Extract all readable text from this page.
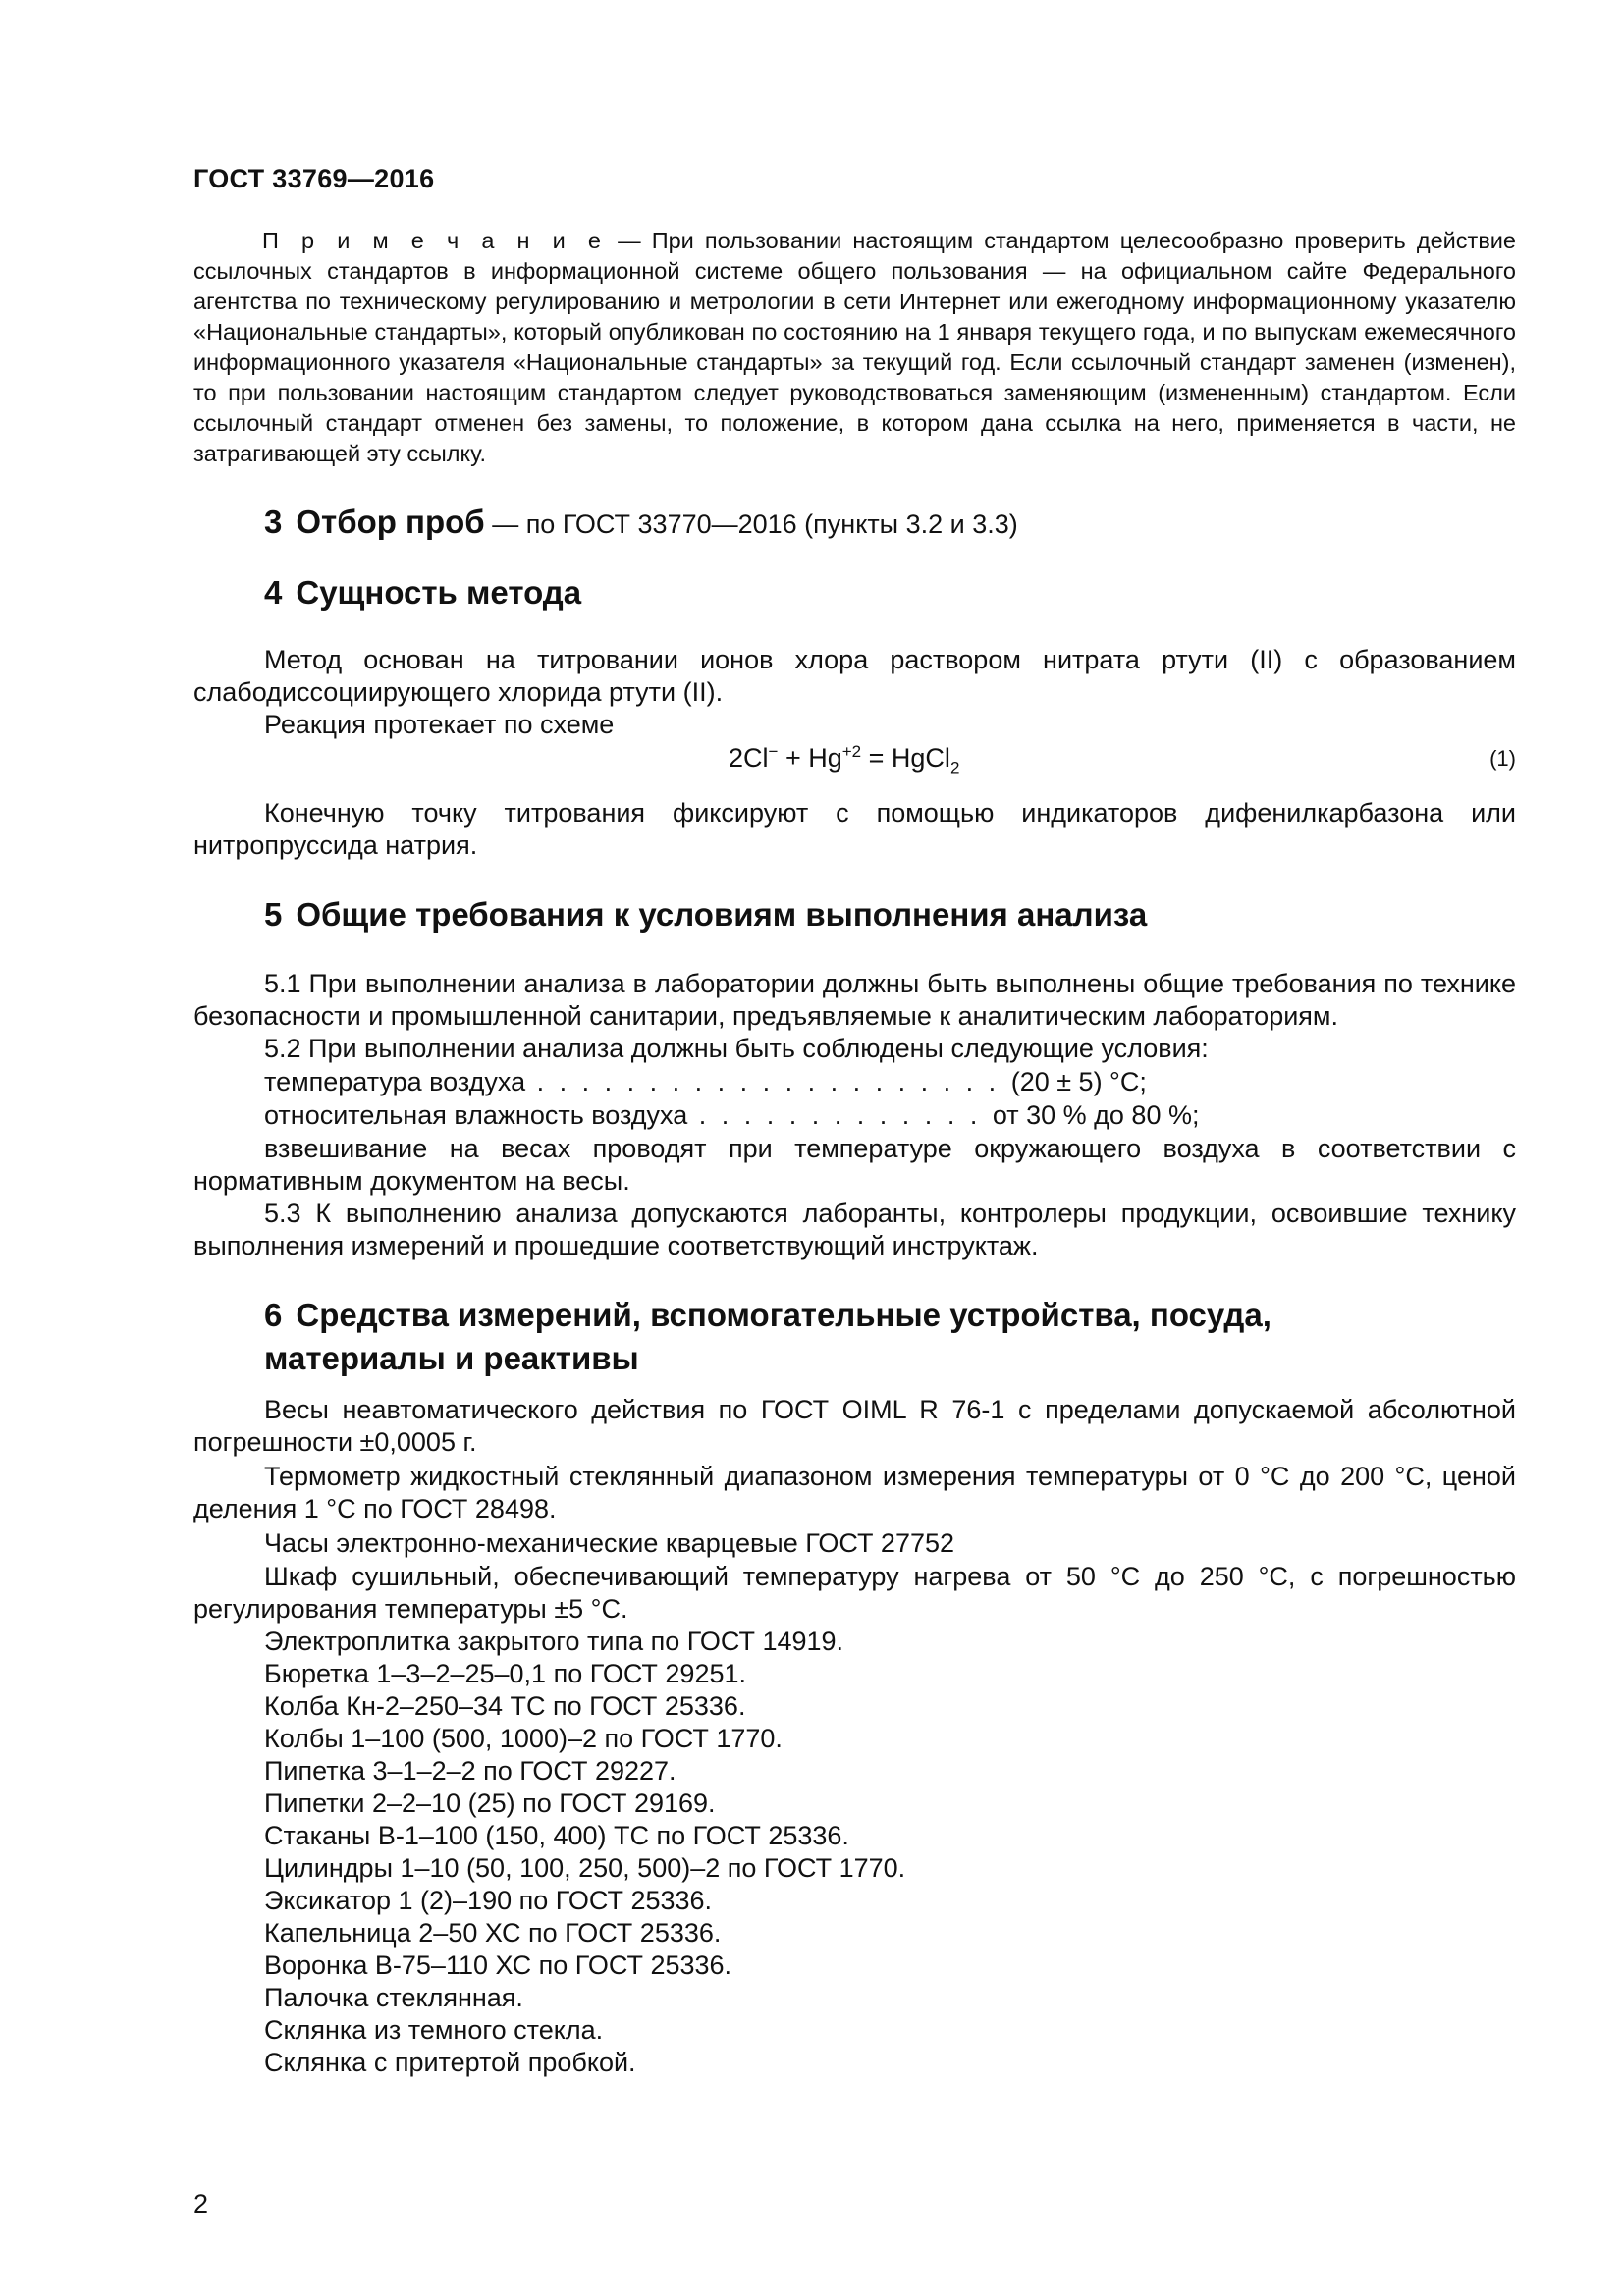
ГОСТ 33769—2016

П р и м е ч а н и е — При пользовании настоящим стандартом целесообразно проверить действие ссылочных стандартов в информационной системе общего пользования — на официальном сайте Федерального агентства по техническому регулированию и метрологии в сети Интернет или ежегодному информационному указателю «Национальные стандарты», который опубликован по состоянию на 1 января текущего года, и по выпускам ежемесячного информационного указателя «Национальные стандарты» за текущий год. Если ссылочный стандарт заменен (изменен), то при пользовании настоящим стандартом следует руководствоваться заменяющим (измененным) стандартом. Если ссылочный стандарт отменен без замены, то положение, в котором дана ссылка на него, применяется в части, не затрагивающей эту ссылку.

3 Отбор проб — по ГОСТ 33770—2016 (пункты 3.2 и 3.3)
4 Сущность метода

Метод основан на титровании ионов хлора раствором нитрата ртути (II) с образованием слабодиссоциирующего хлорида ртути (II).

Реакция протекает по схеме

$2Cl^- + Hg^{+2}$ = HgCl$_2$	(1)

Конечную точку титрования фиксируют с помощью индикаторов дифенилкарбазона или нитропруссида натрия.

5 Общие требования к условиям выполнения анализа

5.1 При выполнении анализа в лаборатории должны быть выполнены общие требования по технике безопасности и промышленной санитарии, предъявляемые к аналитическим лабораториям.

5.2 При выполнении анализа должны быть соблюдены следующие условия:

температура воздуха . . . . . . . . . . . . . . . . . . . . . (20 ± 5) °С;

относительная влажность воздуха . . . . . . . . . . . . . от 30 % до 80 %;

взвешивание на весах проводят при температуре окружающего воздуха в соответствии с нормативным документом на весы.

5.3 К выполнению анализа допускаются лаборанты, контролеры продукции, освоившие технику выполнения измерений и прошедшие соответствующий инструктаж.

6 Средства измерений, вспомогательные устройства, посуда,
материалы и реактивы

Весы неавтоматического действия по ГОСТ OIML R 76-1 с пределами допускаемой абсолютной погрешности ±0,0005 г.

Термометр жидкостный стеклянный диапазоном измерения температуры от 0 °С до 200 °С, ценой деления 1 °С по ГОСТ 28498.

Часы электронно-механические кварцевые ГОСТ 27752

Шкаф сушильный, обеспечивающий температуру нагрева от 50 °С до 250 °С, с погрешностью регулирования температуры ±5 °С.

Электроплитка закрытого типа по ГОСТ 14919.
Бюретка 1–3–2–25–0,1 по ГОСТ 29251.
Колба Кн-2–250–34 ТС по ГОСТ 25336.
Колбы 1–100 (500, 1000)–2 по ГОСТ 1770.
Пипетка 3–1–2–2 по ГОСТ 29227.
Пипетки 2–2–10 (25) по ГОСТ 29169.
Стаканы В-1–100 (150, 400) ТС по ГОСТ 25336.
Цилиндры 1–10 (50, 100, 250, 500)–2 по ГОСТ 1770.
Эксикатор 1 (2)–190 по ГОСТ 25336.
Капельница 2–50 ХС по ГОСТ 25336.
Воронка В-75–110 ХС по ГОСТ 25336.
Палочка стеклянная.
Склянка из темного стекла.
Склянка с притертой пробкой.
2
